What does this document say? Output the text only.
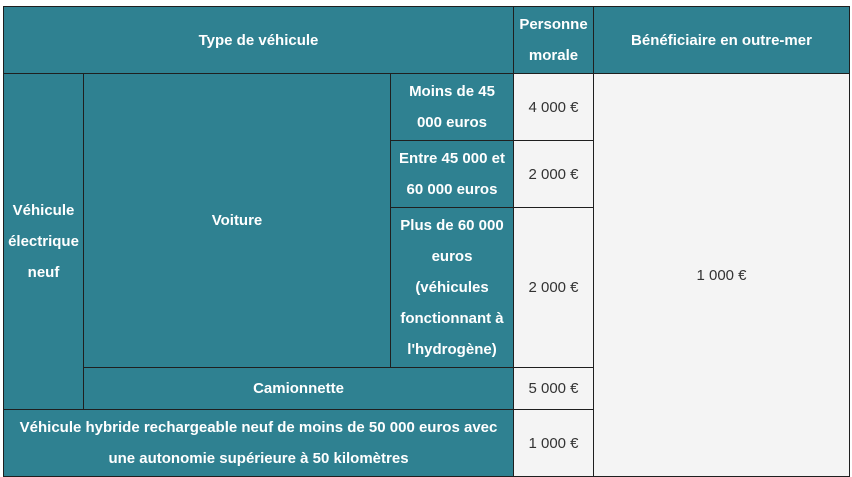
Type de véhicule			Personne morale	Bénéficiaire en outre-mer
Véhicule électrique neuf	Voiture	Moins de 45 000 euros	4 000 €	1 000 €
		Entre 45 000 et 60 000 euros	2 000 €	
		Plus de 60 000 euros (véhicules fonctionnant à l'hydrogène)	2 000 €	
	Camionnette		5 000 €	
Véhicule hybride rechargeable neuf de moins de 50 000 euros avec une autonomie supérieure à 50 kilomètres			1 000 €	
